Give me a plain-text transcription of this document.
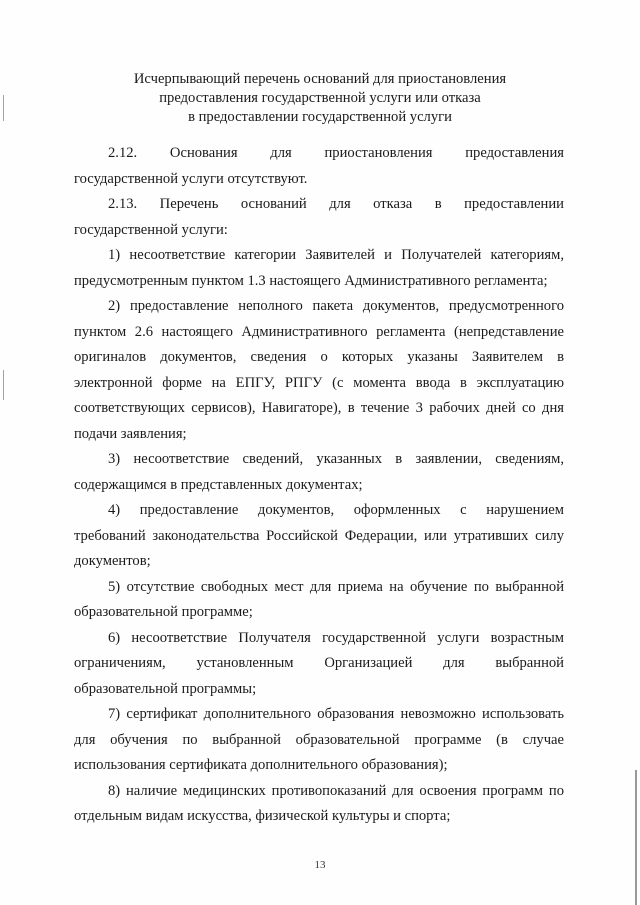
Исчерпывающий перечень оснований для приостановления
предоставления государственной услуги или отказа
в предоставлении государственной услуги
2.12. Основания для приостановления предоставления
государственной услуги отсутствуют.
2.13. Перечень оснований для отказа в предоставлении
государственной услуги:
1) несоответствие категории Заявителей и Получателей категориям,
предусмотренным пунктом 1.3 настоящего Административного регламента;
2) предоставление неполного пакета документов, предусмотренного
пунктом 2.6 настоящего Административного регламента (непредставление
оригиналов документов, сведения о которых указаны Заявителем в
электронной форме на ЕПГУ, РПГУ (с момента ввода в эксплуатацию
соответствующих сервисов), Навигаторе), в течение 3 рабочих дней со дня
подачи заявления;
3) несоответствие сведений, указанных в заявлении, сведениям,
содержащимся в представленных документах;
4) предоставление документов, оформленных с нарушением
требований законодательства Российской Федерации, или утративших силу
документов;
5) отсутствие свободных мест для приема на обучение по выбранной
образовательной программе;
6) несоответствие Получателя государственной услуги возрастным
ограничениям, установленным Организацией для выбранной
образовательной программы;
7) сертификат дополнительного образования невозможно использовать
для обучения по выбранной образовательной программе (в случае
использования сертификата дополнительного образования);
8) наличие медицинских противопоказаний для освоения программ по
отдельным видам искусства, физической культуры и спорта;
13
